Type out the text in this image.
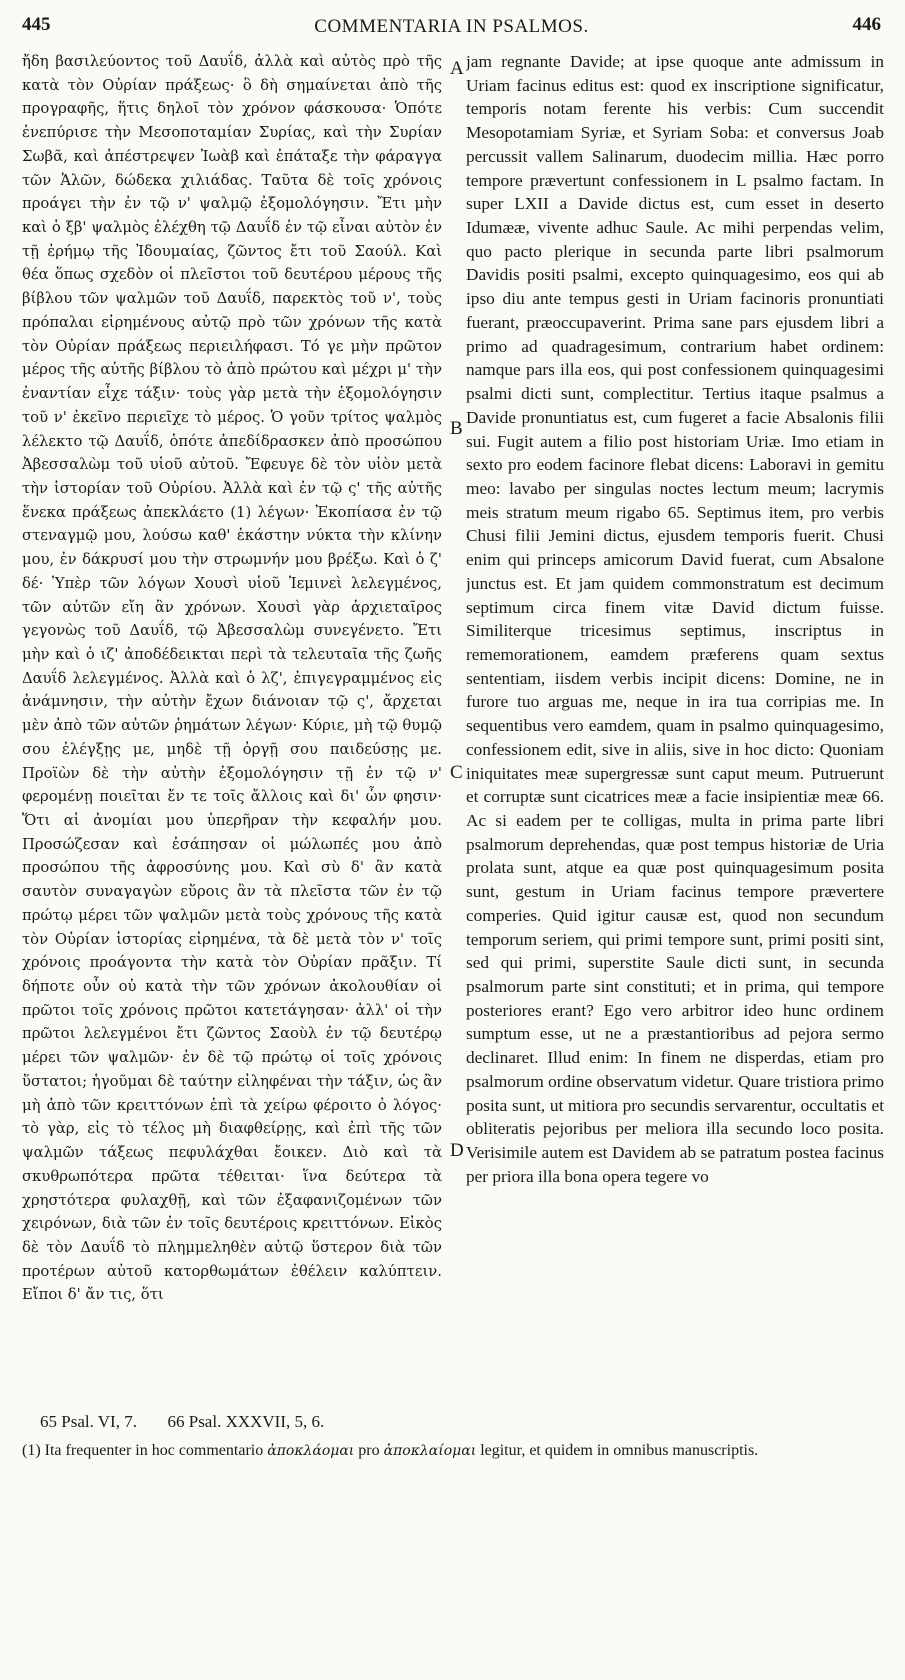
445	COMMENTARIA IN PSALMOS.	446

ἤδη βασιλεύοντος τοῦ Δαυΐδ, ἀλλὰ καὶ αὐτὸς πρὸ τῆς κατὰ τὸν Οὐρίαν πράξεως· ὃ δὴ σημαίνεται ἀπὸ τῆς προγραφῆς, ἥτις δηλοῖ τὸν χρόνον φάσκουσα· Ὁπότε ἐνεπύρισε τὴν Μεσοποταμίαν Συρίας, καὶ τὴν Συρίαν Σωβᾶ, καὶ ἀπέστρεψεν Ἰωὰβ καὶ ἐπάταξε τὴν φάραγγα τῶν Ἁλῶν, δώδεκα χιλιάδας. Ταῦτα δὲ τοῖς χρόνοις προάγει τὴν ἐν τῷ ν' ψαλμῷ ἐξομολόγησιν. Ἔτι μὴν καὶ ὁ ξβ' ψαλμὸς ἐλέχθη τῷ Δαυΐδ ἐν τῷ εἶναι αὐτὸν ἐν τῇ ἐρήμῳ τῆς Ἰδουμαίας, ζῶντος ἔτι τοῦ Σαούλ. Καὶ θέα ὅπως σχεδὸν οἱ πλεῖστοι τοῦ δευτέρου μέρους τῆς βίβλου τῶν ψαλμῶν τοῦ Δαυΐδ, παρεκτὸς τοῦ ν', τοὺς πρόπαλαι εἰρημένους αὐτῷ πρὸ τῶν χρόνων τῆς κατὰ τὸν Οὐρίαν πράξεως περιειλήφασι. Τό γε μὴν πρῶτον μέρος τῆς αὐτῆς βίβλου τὸ ἀπὸ πρώτου καὶ μέχρι μ' τὴν ἐναντίαν εἶχε τάξιν· τοὺς γὰρ μετὰ τὴν ἐξομολόγησιν τοῦ ν' ἐκεῖνο περιεῖχε τὸ μέρος. Ὁ γοῦν τρίτος ψαλμὸς λέλεκτο τῷ Δαυΐδ, ὁπότε ἀπεδίδρασκεν ἀπὸ προσώπου Ἀβεσσαλὼμ τοῦ υἱοῦ αὐτοῦ. Ἔφευγε δὲ τὸν υἱὸν μετὰ τὴν ἱστορίαν τοῦ Οὐρίου. Ἀλλὰ καὶ ἐν τῷ ς' τῆς αὐτῆς ἕνεκα πράξεως ἀπεκλάετο (1) λέγων· Ἐκοπίασα ἐν τῷ στεναγμῷ μου, λούσω καθ' ἑκάστην νύκτα τὴν κλίνην μου, ἐν δάκρυσί μου τὴν στρωμνήν μου βρέξω. Καὶ ὁ ζ' δέ· Ὑπὲρ τῶν λόγων Χουσὶ υἱοῦ Ἰεμινεὶ λελεγμένος, τῶν αὐτῶν εἴη ἂν χρόνων. Χουσὶ γὰρ ἀρχιεταῖρος γεγονὼς τοῦ Δαυΐδ, τῷ Ἀβεσσαλὼμ συνεγένετο. Ἔτι μὴν καὶ ὁ ιζ' ἀποδέδεικται περὶ τὰ τελευταῖα τῆς ζωῆς Δαυΐδ λελεγμένος. Ἀλλὰ καὶ ὁ λζ', ἐπιγεγραμμένος εἰς ἀνάμνησιν, τὴν αὐτὴν ἔχων διάνοιαν τῷ ς', ἄρχεται μὲν ἀπὸ τῶν αὐτῶν ῥημάτων λέγων· Κύριε, μὴ τῷ θυμῷ σου ἐλέγξῃς με, μηδὲ τῇ ὀργῇ σου παιδεύσῃς με. Προϊὼν δὲ τὴν αὐτὴν ἐξομολόγησιν τῇ ἐν τῷ ν' φερομένῃ ποιεῖται ἔν τε τοῖς ἄλλοις καὶ δι' ὧν φησιν· Ὅτι αἱ ἀνομίαι μου ὑπερῆραν τὴν κεφαλήν μου. Προσώζεσαν καὶ ἐσάπησαν οἱ μώλωπές μου ἀπὸ προσώπου τῆς ἀφροσύνης μου. Καὶ σὺ δ' ἂν κατὰ σαυτὸν συναγαγὼν εὕροις ἂν τὰ πλεῖστα τῶν ἐν τῷ πρώτῳ μέρει τῶν ψαλμῶν μετὰ τοὺς χρόνους τῆς κατὰ τὸν Οὐρίαν ἱστορίας εἰρημένα, τὰ δὲ μετὰ τὸν ν' τοῖς χρόνοις προάγοντα τὴν κατὰ τὸν Οὐρίαν πρᾶξιν. Τί δήποτε οὖν οὐ κατὰ τὴν τῶν χρόνων ἀκολουθίαν οἱ πρῶτοι τοῖς χρόνοις πρῶτοι κατετάγησαν· ἀλλ' οἱ τὴν πρῶτοι λελεγμένοι ἔτι ζῶντος Σαοὺλ ἐν τῷ δευτέρῳ μέρει τῶν ψαλμῶν· ἐν δὲ τῷ πρώτῳ οἱ τοῖς χρόνοις ὕστατοι; ἡγοῦμαι δὲ ταύτην εἰληφέναι τὴν τάξιν, ὡς ἂν μὴ ἀπὸ τῶν κρειττόνων ἐπὶ τὰ χείρω φέροιτο ὁ λόγος· τὸ γὰρ, εἰς τὸ τέλος μὴ διαφθείρῃς, καὶ ἐπὶ τῆς τῶν ψαλμῶν τάξεως πεφυλάχθαι ἔοικεν. Διὸ καὶ τὰ σκυθρωπότερα πρῶτα τέθειται· ἵνα δεύτερα τὰ χρηστότερα φυλαχθῇ, καὶ τῶν ἐξαφανιζομένων τῶν χειρόνων, διὰ τῶν ἐν τοῖς δευτέροις κρειττόνων. Εἰκὸς δὲ τὸν Δαυΐδ τὸ πλημμεληθὲν αὐτῷ ὕστερον διὰ τῶν προτέρων αὐτοῦ κατορθωμάτων ἐθέλειν καλύπτειν. Εἴποι δ' ἄν τις, ὅτι

A
B
C
D

jam regnante Davide; at ipse quoque ante admissum in Uriam facinus editus est: quod ex inscriptione significatur, temporis notam ferente his verbis: Cum succendit Mesopotamiam Syriæ, et Syriam Soba: et conversus Joab percussit vallem Salinarum, duodecim millia. Hæc porro tempore prævertunt confessionem in L psalmo factam. In super LXII a Davide dictus est, cum esset in deserto Idumææ, vivente adhuc Saule. Ac mihi perpendas velim, quo pacto plerique in secunda parte libri psalmorum Davidis positi psalmi, excepto quinquagesimo, eos qui ab ipso diu ante tempus gesti in Uriam facinoris pronuntiati fuerant, præoccupaverint. Prima sane pars ejusdem libri a primo ad quadragesimum, contrarium habet ordinem: namque pars illa eos, qui post confessionem quinquagesimi psalmi dicti sunt, complectitur. Tertius itaque psalmus a Davide pronuntiatus est, cum fugeret a facie Absalonis filii sui. Fugit autem a filio post historiam Uriæ. Imo etiam in sexto pro eodem facinore flebat dicens: Laboravi in gemitu meo: lavabo per singulas noctes lectum meum; lacrymis meis stratum meum rigabo 65. Septimus item, pro verbis Chusi filii Jemini dictus, ejusdem temporis fuerit. Chusi enim qui princeps amicorum David fuerat, cum Absalone junctus est. Et jam quidem commonstratum est decimum septimum circa finem vitæ David dictum fuisse. Similiterque tricesimus septimus, inscriptus in rememorationem, eamdem præferens quam sextus sententiam, iisdem verbis incipit dicens: Domine, ne in furore tuo arguas me, neque in ira tua corripias me. In sequentibus vero eamdem, quam in psalmo quinquagesimo, confessionem edit, sive in aliis, sive in hoc dicto: Quoniam iniquitates meæ supergressæ sunt caput meum. Putruerunt et corruptæ sunt cicatrices meæ a facie insipientiæ meæ 66. Ac si eadem per te colligas, multa in prima parte libri psalmorum deprehendas, quæ post tempus historiæ de Uria prolata sunt, atque ea quæ post quinquagesimum posita sunt, gestum in Uriam facinus tempore prævertere comperies. Quid igitur causæ est, quod non secundum temporum seriem, qui primi tempore sunt, primi positi sint, sed qui primi, superstite Saule dicti sunt, in secunda psalmorum parte sint constituti; et in prima, qui tempore posteriores erant? Ego vero arbitror ideo hunc ordinem sumptum esse, ut ne a præstantioribus ad pejora sermo declinaret. Illud enim: In finem ne disperdas, etiam pro psalmorum ordine observatum videtur. Quare tristiora primo posita sunt, ut mitiora pro secundis servarentur, occultatis et obliteratis pejoribus per meliora illa secundo loco posita. Verisimile autem est Davidem ab se patratum postea facinus per priora illa bona opera tegere vo

65 Psal. VI, 7. 66 Psal. XXXVII, 5, 6.
(1) Ita frequenter in hoc commentario ἀποκλάομαι pro ἀποκλαίομαι legitur, et quidem in omnibus manuscriptis.
